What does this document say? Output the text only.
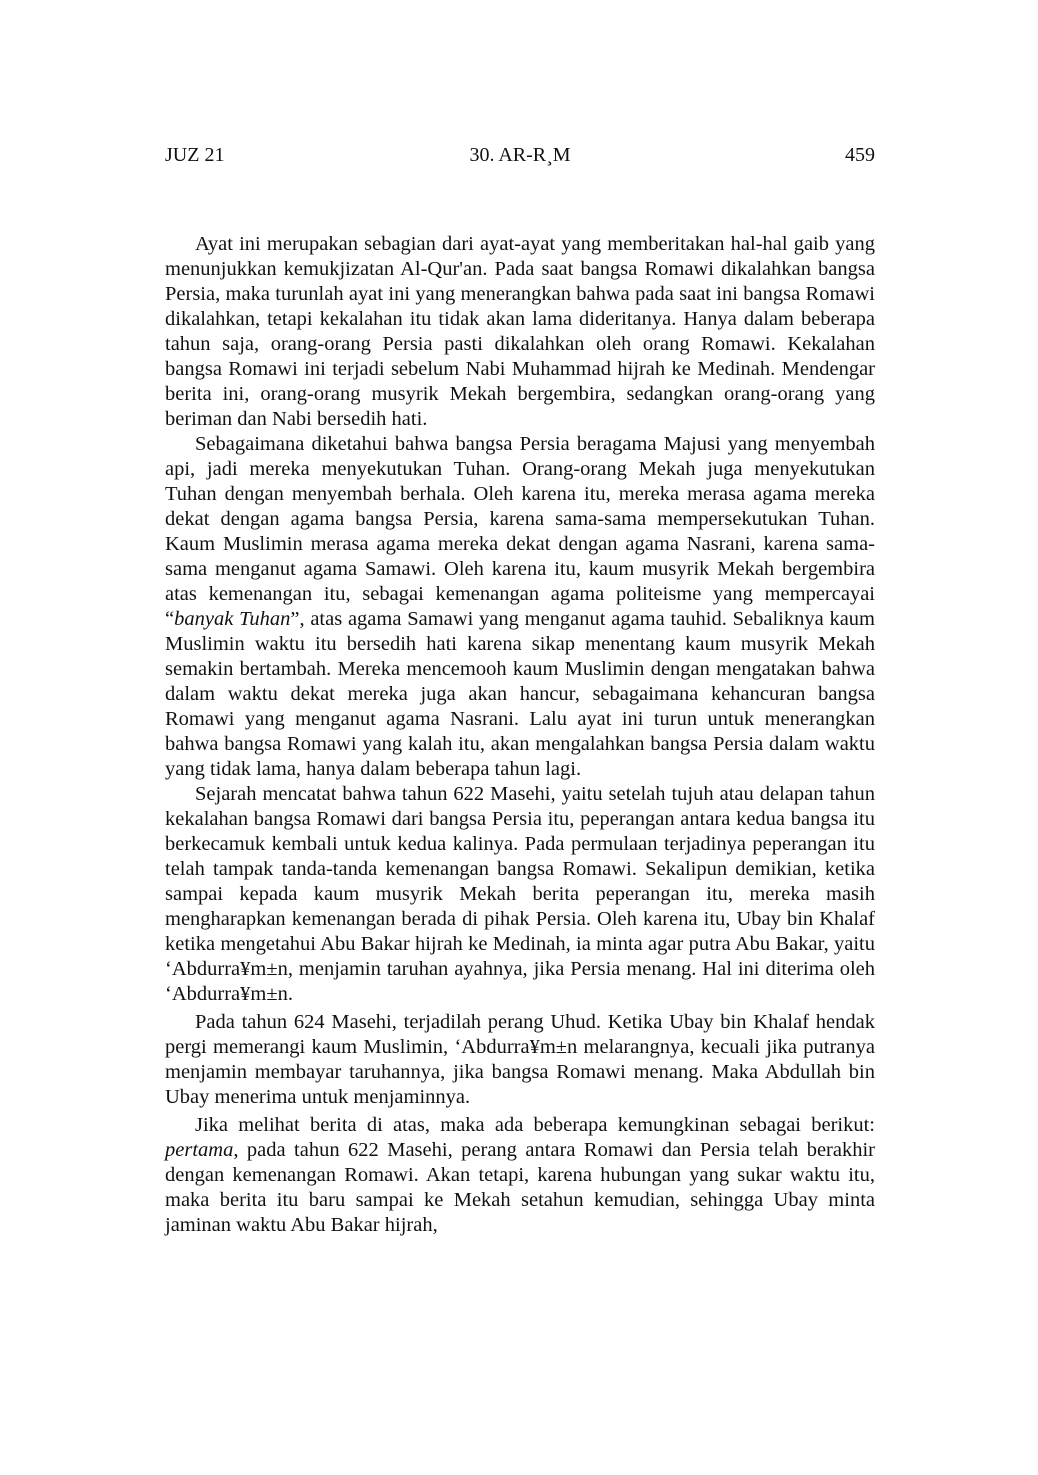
JUZ 21	30. AR-R¸M	459

Ayat ini merupakan sebagian dari ayat-ayat yang memberitakan hal-hal gaib yang menunjukkan kemukjizatan Al-Qur'an. Pada saat bangsa Romawi dikalahkan bangsa Persia, maka turunlah ayat ini yang menerangkan bahwa pada saat ini bangsa Romawi dikalahkan, tetapi kekalahan itu tidak akan lama dideritanya. Hanya dalam beberapa tahun saja, orang-orang Persia pasti dikalahkan oleh orang Romawi. Kekalahan bangsa Romawi ini terjadi sebelum Nabi Muhammad hijrah ke Medinah. Mendengar berita ini, orang-orang musyrik Mekah bergembira, sedangkan orang-orang yang beriman dan Nabi bersedih hati.

Sebagaimana diketahui bahwa bangsa Persia beragama Majusi yang menyembah api, jadi mereka menyekutukan Tuhan. Orang-orang Mekah juga menyekutukan Tuhan dengan menyembah berhala. Oleh karena itu, mereka merasa agama mereka dekat dengan agama bangsa Persia, karena sama-sama mempersekutukan Tuhan. Kaum Muslimin merasa agama mereka dekat dengan agama Nasrani, karena sama-sama menganut agama Samawi. Oleh karena itu, kaum musyrik Mekah bergembira atas kemenangan itu, sebagai kemenangan agama politeisme yang mempercayai “banyak Tuhan”, atas agama Samawi yang menganut agama tauhid. Sebaliknya kaum Muslimin waktu itu bersedih hati karena sikap menentang kaum musyrik Mekah semakin bertambah. Mereka mencemooh kaum Muslimin dengan mengatakan bahwa dalam waktu dekat mereka juga akan hancur, sebagaimana kehancuran bangsa Romawi yang menganut agama Nasrani. Lalu ayat ini turun untuk menerangkan bahwa bangsa Romawi yang kalah itu, akan mengalahkan bangsa Persia dalam waktu yang tidak lama, hanya dalam beberapa tahun lagi.

Sejarah mencatat bahwa tahun 622 Masehi, yaitu setelah tujuh atau delapan tahun kekalahan bangsa Romawi dari bangsa Persia itu, peperangan antara kedua bangsa itu berkecamuk kembali untuk kedua kalinya. Pada permulaan terjadinya peperangan itu telah tampak tanda-tanda kemenangan bangsa Romawi. Sekalipun demikian, ketika sampai kepada kaum musyrik Mekah berita peperangan itu, mereka masih mengharapkan kemenangan berada di pihak Persia. Oleh karena itu, Ubay bin Khalaf ketika mengetahui Abu Bakar hijrah ke Medinah, ia minta agar putra Abu Bakar, yaitu ‘Abdurra¥m±n, menjamin taruhan ayahnya, jika Persia menang. Hal ini diterima oleh ‘Abdurra¥m±n.

Pada tahun 624 Masehi, terjadilah perang Uhud. Ketika Ubay bin Khalaf hendak pergi memerangi kaum Muslimin, ‘Abdurra¥m±n melarangnya, kecuali jika putranya menjamin membayar taruhannya, jika bangsa Romawi menang. Maka Abdullah bin Ubay menerima untuk menjaminnya.

Jika melihat berita di atas, maka ada beberapa kemungkinan sebagai berikut: pertama, pada tahun 622 Masehi, perang antara Romawi dan Persia telah berakhir dengan kemenangan Romawi. Akan tetapi, karena hubungan yang sukar waktu itu, maka berita itu baru sampai ke Mekah setahun kemudian, sehingga Ubay minta jaminan waktu Abu Bakar hijrah,
